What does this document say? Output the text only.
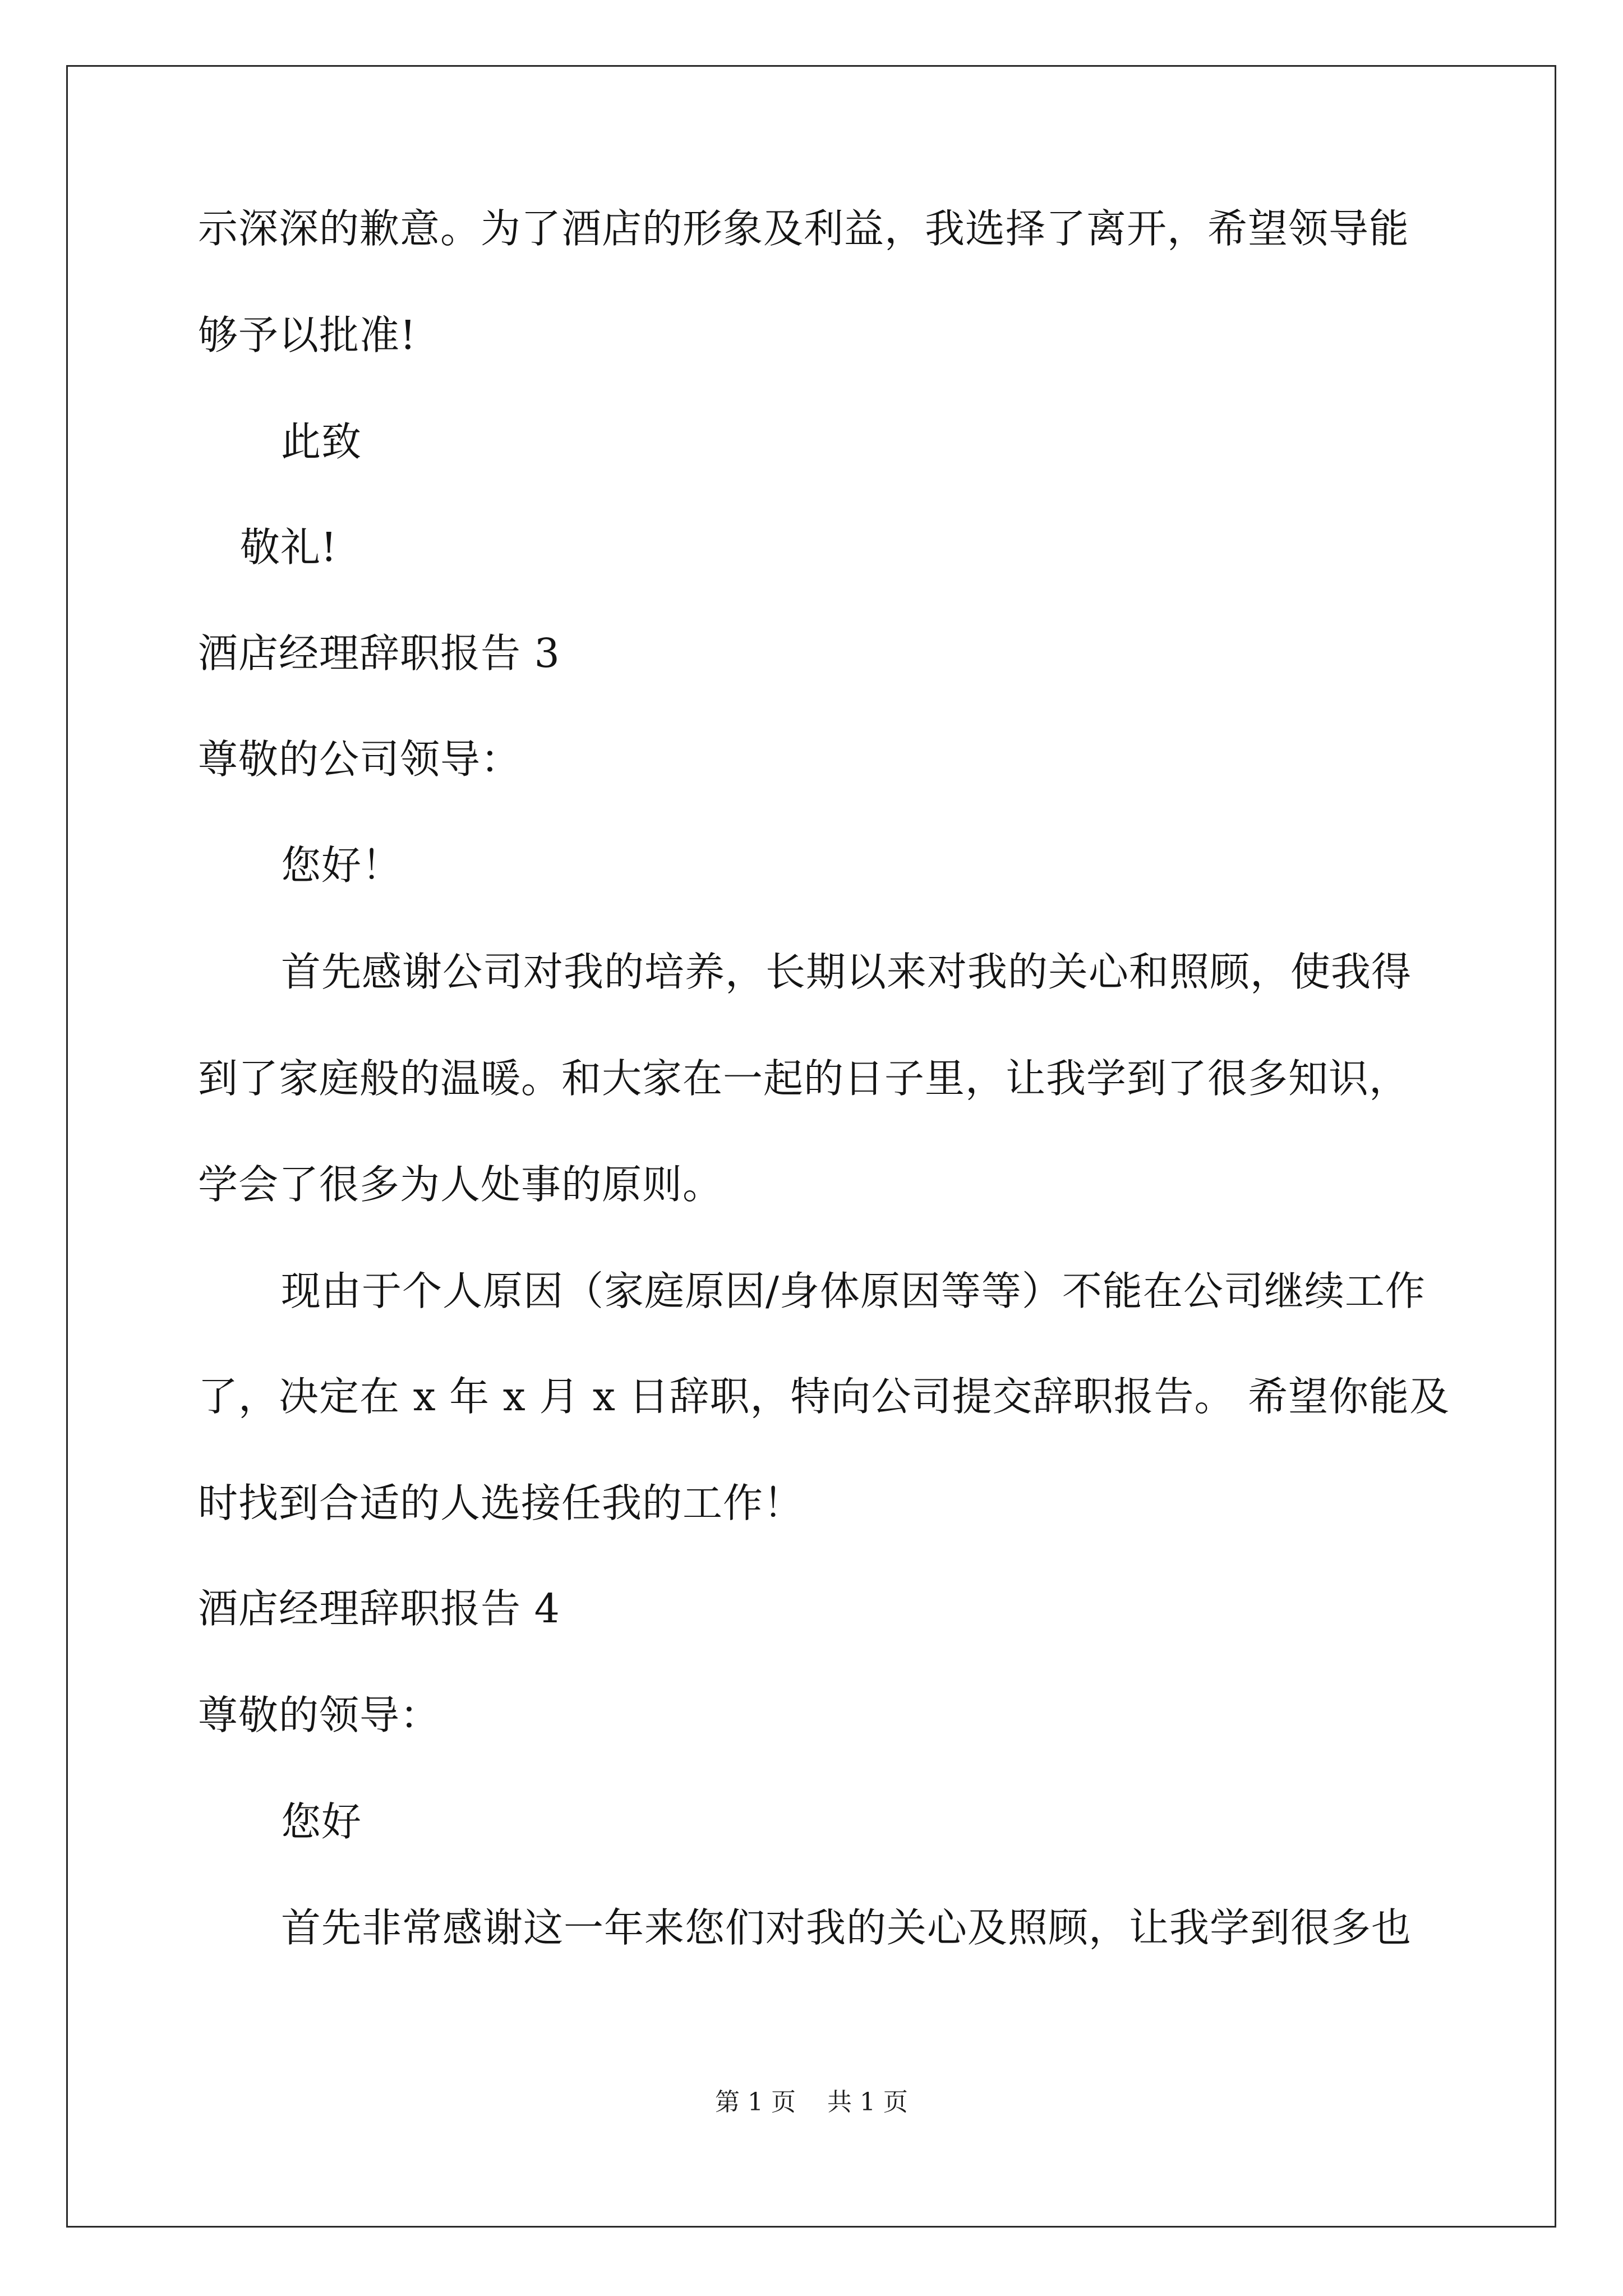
示深深的歉意。为了酒店的形象及利益，我选择了离开，希望领导能
够予以批准!
此致
敬礼!
酒店经理辞职报告 3
尊敬的公司领导：
您好！
首先感谢公司对我的培养，长期以来对我的关心和照顾，使我得
到了家庭般的温暖。和大家在一起的日子里，让我学到了很多知识，
学会了很多为人处事的原则。
现由于个人原因（家庭原因/身体原因等等）不能在公司继续工作
了，决定在 x 年 x 月 x 日辞职，特向公司提交辞职报告。 希望你能及
时找到合适的人选接任我的工作！
酒店经理辞职报告 4
尊敬的领导：
您好
首先非常感谢这一年来您们对我的关心及照顾，让我学到很多也
第 1 页    共 1 页
